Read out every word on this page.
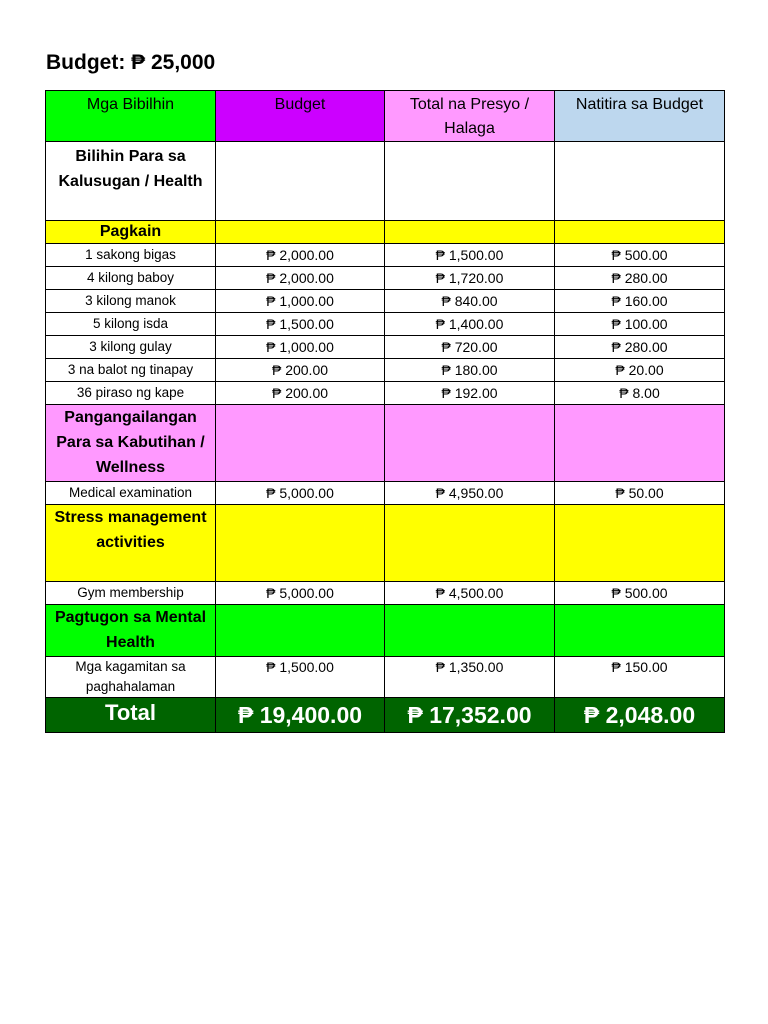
Budget: ₱ 25,000
Mga Bibilhin	Budget	Total na Presyo / Halaga	Natitira sa Budget
Bilihin Para sa Kalusugan / Health			
Pagkain			
1 sakong bigas	₱ 2,000.00	₱ 1,500.00	₱ 500.00
4 kilong baboy	₱ 2,000.00	₱ 1,720.00	₱ 280.00
3 kilong manok	₱ 1,000.00	₱ 840.00	₱ 160.00
5 kilong isda	₱ 1,500.00	₱ 1,400.00	₱ 100.00
3 kilong gulay	₱ 1,000.00	₱ 720.00	₱ 280.00
3 na balot ng tinapay	₱ 200.00	₱ 180.00	₱ 20.00
36 piraso ng kape	₱ 200.00	₱ 192.00	₱ 8.00
Pangangailangan Para sa Kabutihan / Wellness			
Medical examination	₱ 5,000.00	₱ 4,950.00	₱ 50.00
Stress management activities			
Gym membership	₱ 5,000.00	₱ 4,500.00	₱ 500.00
Pagtugon sa Mental Health			
Mga kagamitan sa paghahalaman	₱ 1,500.00	₱ 1,350.00	₱ 150.00
Total	₱ 19,400.00	₱ 17,352.00	₱ 2,048.00
